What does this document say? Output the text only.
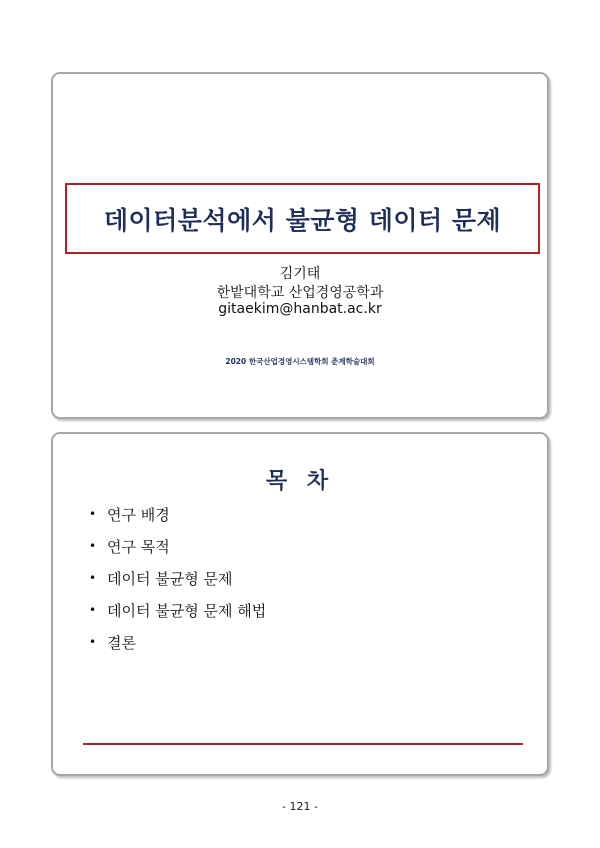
데이터분석에서 불균형 데이터 문제
김기태
한밭대학교 산업경영공학과
gitaekim@hanbat.ac.kr
2020 한국산업경영시스템학회 춘계학술대회
목 차
• 연구 배경
• 연구 목적
• 데이터 불균형 문제
• 데이터 불균형 문제 해법
• 결론
- 121 -
